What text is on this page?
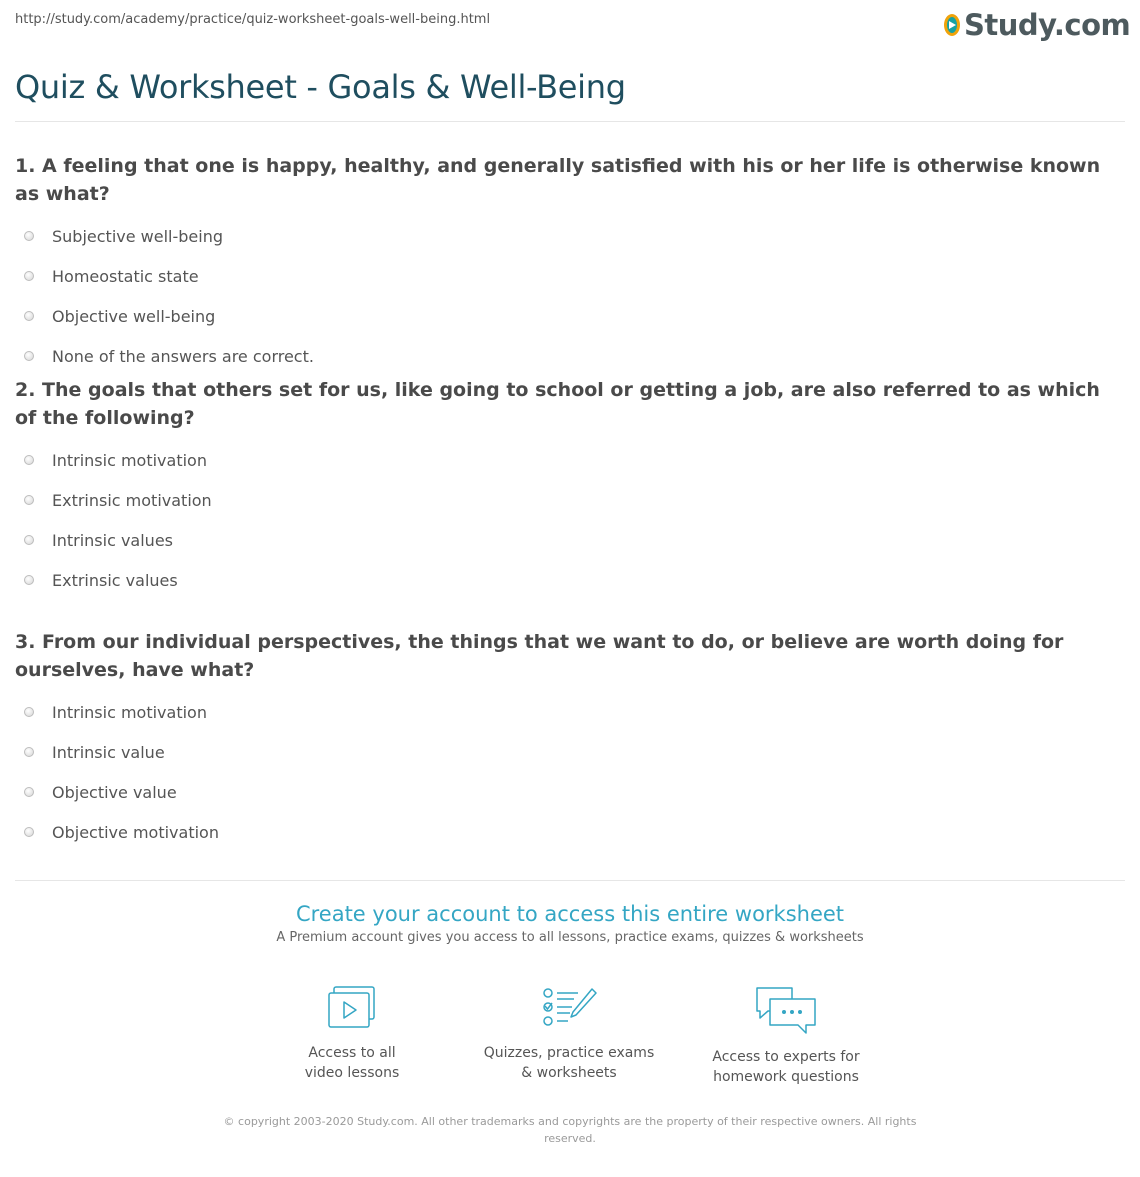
http://study.com/academy/practice/quiz-worksheet-goals-well-being.html	Study.com
Quiz & Worksheet - Goals & Well-Being

1. A feeling that one is happy, healthy, and generally satisfied with his or her life is otherwise known as what?

Subjective well-being
Homeostatic state
Objective well-being
None of the answers are correct.

2. The goals that others set for us, like going to school or getting a job, are also referred to as which of the following?

Intrinsic motivation
Extrinsic motivation
Intrinsic values
Extrinsic values

3. From our individual perspectives, the things that we want to do, or believe are worth doing for ourselves, have what?

Intrinsic motivation
Intrinsic value
Objective value
Objective motivation
Create your account to access this entire worksheet

A Premium account gives you access to all lessons, practice exams, quizzes & worksheets

Access to all
video lessons
Quizzes, practice exams
& worksheets
Access to experts for
homework questions
© copyright 2003-2020 Study.com. All other trademarks and copyrights are the property of their respective owners. All rights reserved.
